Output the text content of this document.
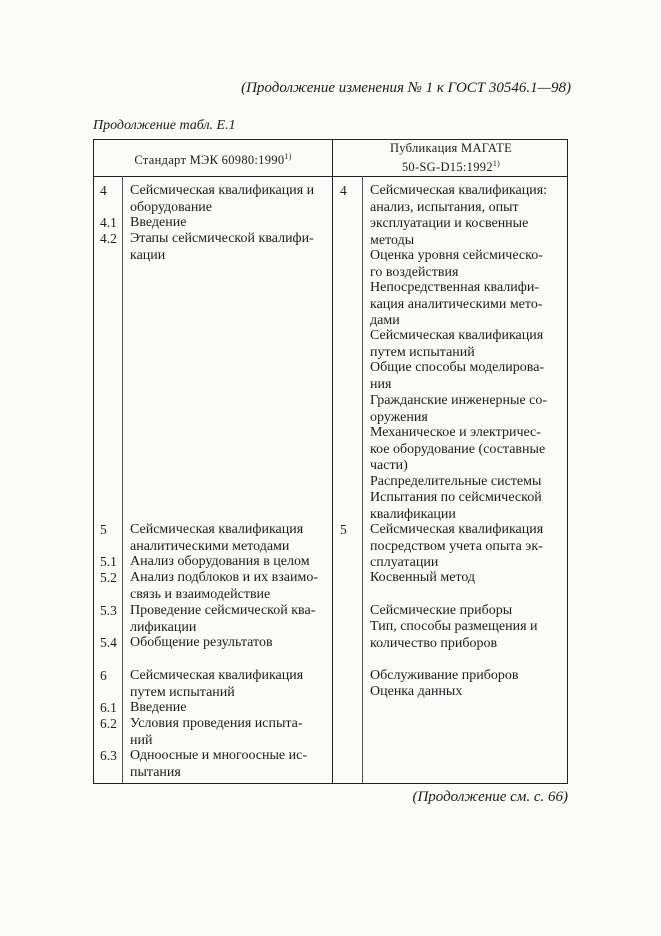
(Продолжение изменения № 1 к ГОСТ 30546.1—98)
Продолжение табл. Е.1
Стандарт МЭК 60980:1990$^{1)}$
Публикация МАГАТЕ
50-SG-D15:1992$^{1)}$
4 Сейсмическая квалификация и
оборудование
4.1 Введение
4.2 Этапы сейсмической квалифи-
кации
5 Сейсмическая квалификация
аналитическими методами
5.1 Анализ оборудования в целом
5.2 Анализ подблоков и их взаимо-
связь и взаимодействие
5.3 Проведение сейсмической ква-
лификации
5.4 Обобщение результатов
6 Сейсмическая квалификация
путем испытаний
6.1 Введение
6.2 Условия проведения испыта-
ний
6.3 Одноосные и многоосные ис-
пытания
4 Сейсмическая квалификация:
анализ, испытания, опыт
эксплуатации и косвенные
методы
Оценка уровня сейсмическо-
го воздействия
Непосредственная квалифи-
кация аналитическими мето-
дами
Сейсмическая квалификация
путем испытаний
Общие способы моделирова-
ния
Гражданские инженерные со-
оружения
Механическое и электричес-
кое оборудование (составные
части)
Распределительные системы
Испытания по сейсмической
квалификации
5 Сейсмическая квалификация
посредством учета опыта эк-
сплуатации
Косвенный метод
Сейсмические приборы
Тип, способы размещения и
количество приборов
Обслуживание приборов
Оценка данных
(Продолжение см. с. 66)
